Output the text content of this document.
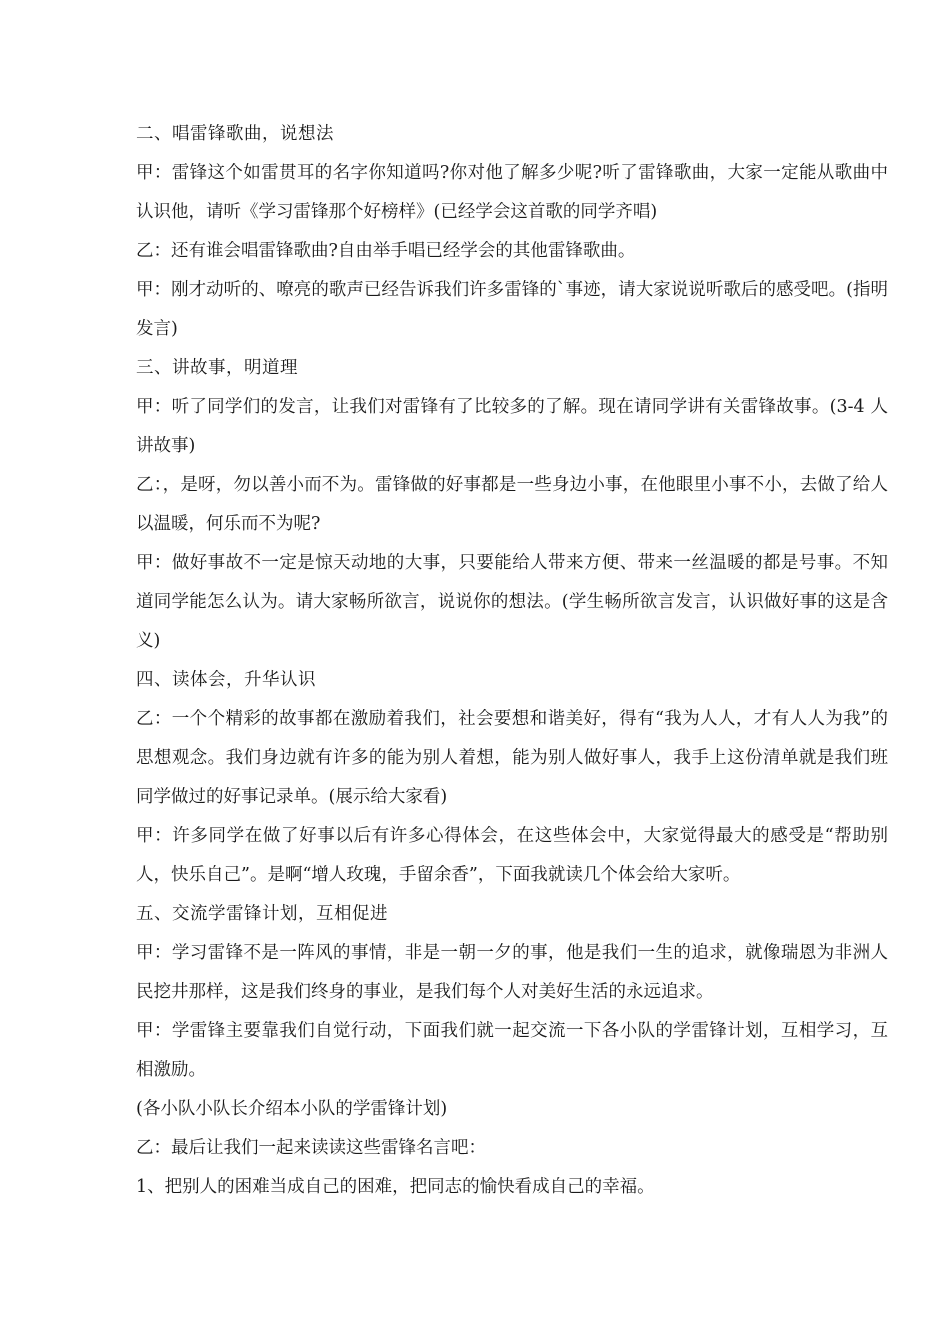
二、唱雷锋歌曲，说想法

甲：雷锋这个如雷贯耳的名字你知道吗?你对他了解多少呢?听了雷锋歌曲，大家一定能从歌曲中认识他，请听《学习雷锋那个好榜样》(已经学会这首歌的同学齐唱)

乙：还有谁会唱雷锋歌曲?自由举手唱已经学会的其他雷锋歌曲。

甲：刚才动听的、嘹亮的歌声已经告诉我们许多雷锋的`事迹，请大家说说听歌后的感受吧。(指明发言)

三、讲故事，明道理

甲：听了同学们的发言，让我们对雷锋有了比较多的了解。现在请同学讲有关雷锋故事。(3-4 人讲故事)

乙：，是呀，勿以善小而不为。雷锋做的好事都是一些身边小事，在他眼里小事不小，去做了给人以温暖，何乐而不为呢?

甲：做好事故不一定是惊天动地的大事，只要能给人带来方便、带来一丝温暖的都是号事。不知道同学能怎么认为。请大家畅所欲言，说说你的想法。(学生畅所欲言发言，认识做好事的这是含义)

四、读体会，升华认识

乙：一个个精彩的故事都在激励着我们，社会要想和谐美好，得有“我为人人，才有人人为我”的思想观念。我们身边就有许多的能为别人着想，能为别人做好事人，我手上这份清单就是我们班同学做过的好事记录单。(展示给大家看)

甲：许多同学在做了好事以后有许多心得体会，在这些体会中，大家觉得最大的感受是“帮助别人，快乐自己”。是啊“增人玫瑰，手留余香”，下面我就读几个体会给大家听。

五、交流学雷锋计划，互相促进

甲：学习雷锋不是一阵风的事情，非是一朝一夕的事，他是我们一生的追求，就像瑞恩为非洲人民挖井那样，这是我们终身的事业，是我们每个人对美好生活的永远追求。

甲：学雷锋主要靠我们自觉行动，下面我们就一起交流一下各小队的学雷锋计划，互相学习，互相激励。

(各小队小队长介绍本小队的学雷锋计划)

乙：最后让我们一起来读读这些雷锋名言吧：

1、把别人的困难当成自己的困难，把同志的愉快看成自己的幸福。
